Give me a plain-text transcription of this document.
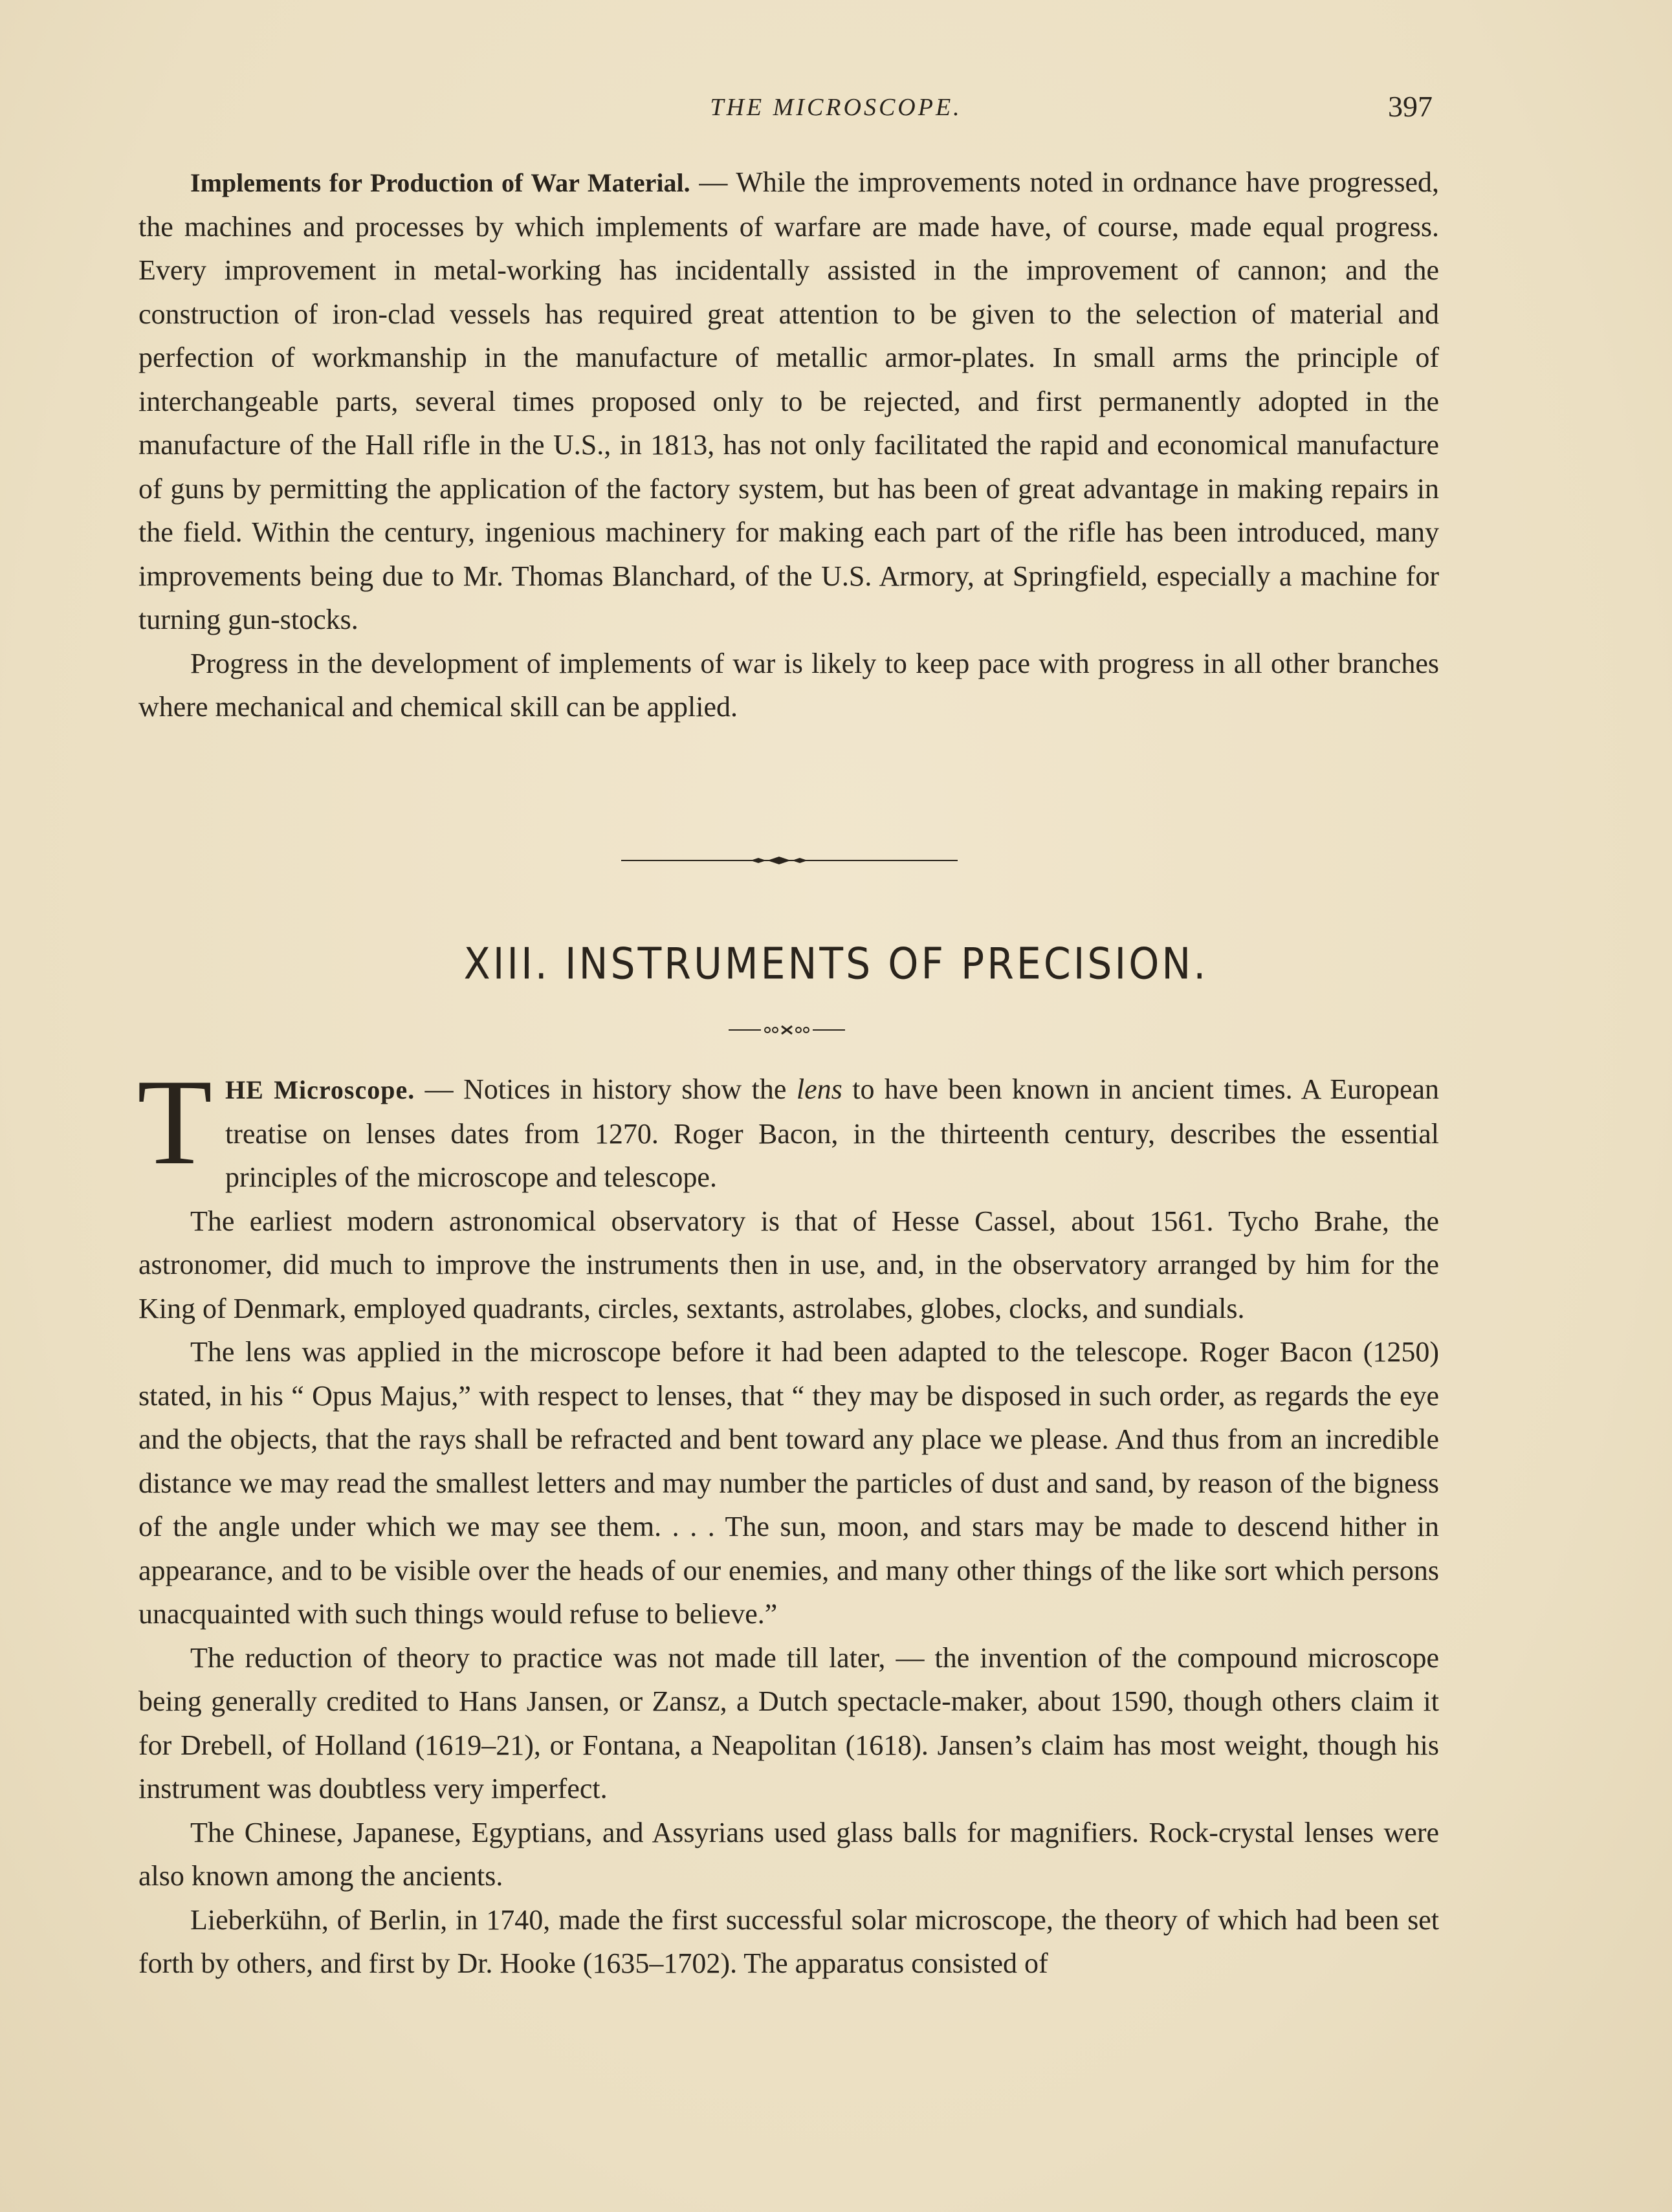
THE MICROSCOPE.	397

Implements for Production of War Material. — While the improvements noted in ordnance have progressed, the machines and processes by which implements of warfare are made have, of course, made equal progress. Every improvement in metal-working has incidentally assisted in the improvement of cannon; and the construction of iron-clad vessels has required great attention to be given to the selection of material and perfection of workmanship in the manufacture of metallic armor-plates. In small arms the principle of interchangeable parts, several times proposed only to be rejected, and first permanently adopted in the manufacture of the Hall rifle in the U.S., in 1813, has not only facilitated the rapid and economical manufacture of guns by permitting the application of the factory system, but has been of great advantage in making repairs in the field. Within the century, ingenious machinery for making each part of the rifle has been introduced, many improvements being due to Mr. Thomas Blanchard, of the U.S. Armory, at Springfield, especially a machine for turning gun-stocks.

Progress in the development of implements of war is likely to keep pace with progress in all other branches where mechanical and chemical skill can be applied.

XIII. INSTRUMENTS OF PRECISION.

T HE Microscope. — Notices in history show the lens to have been known in ancient times. A European treatise on lenses dates from 1270. Roger Bacon, in the thirteenth century, describes the essential principles of the microscope and telescope.

The earliest modern astronomical observatory is that of Hesse Cassel, about 1561. Tycho Brahe, the astronomer, did much to improve the instruments then in use, and, in the observatory arranged by him for the King of Denmark, employed quadrants, circles, sextants, astrolabes, globes, clocks, and sundials.

The lens was applied in the microscope before it had been adapted to the telescope. Roger Bacon (1250) stated, in his “ Opus Majus,” with respect to lenses, that “ they may be disposed in such order, as regards the eye and the objects, that the rays shall be refracted and bent toward any place we please. And thus from an incredible distance we may read the smallest letters and may number the particles of dust and sand, by reason of the bigness of the angle under which we may see them. . . . The sun, moon, and stars may be made to descend hither in appearance, and to be visible over the heads of our enemies, and many other things of the like sort which persons unacquainted with such things would refuse to believe.”

The reduction of theory to practice was not made till later, — the invention of the compound microscope being generally credited to Hans Jansen, or Zansz, a Dutch spectacle-maker, about 1590, though others claim it for Drebell, of Holland (1619–21), or Fontana, a Neapolitan (1618). Jansen’s claim has most weight, though his instrument was doubtless very imperfect.

The Chinese, Japanese, Egyptians, and Assyrians used glass balls for magnifiers. Rock-crystal lenses were also known among the ancients.

Lieberkühn, of Berlin, in 1740, made the first successful solar microscope, the theory of which had been set forth by others, and first by Dr. Hooke (1635–1702). The apparatus consisted of
